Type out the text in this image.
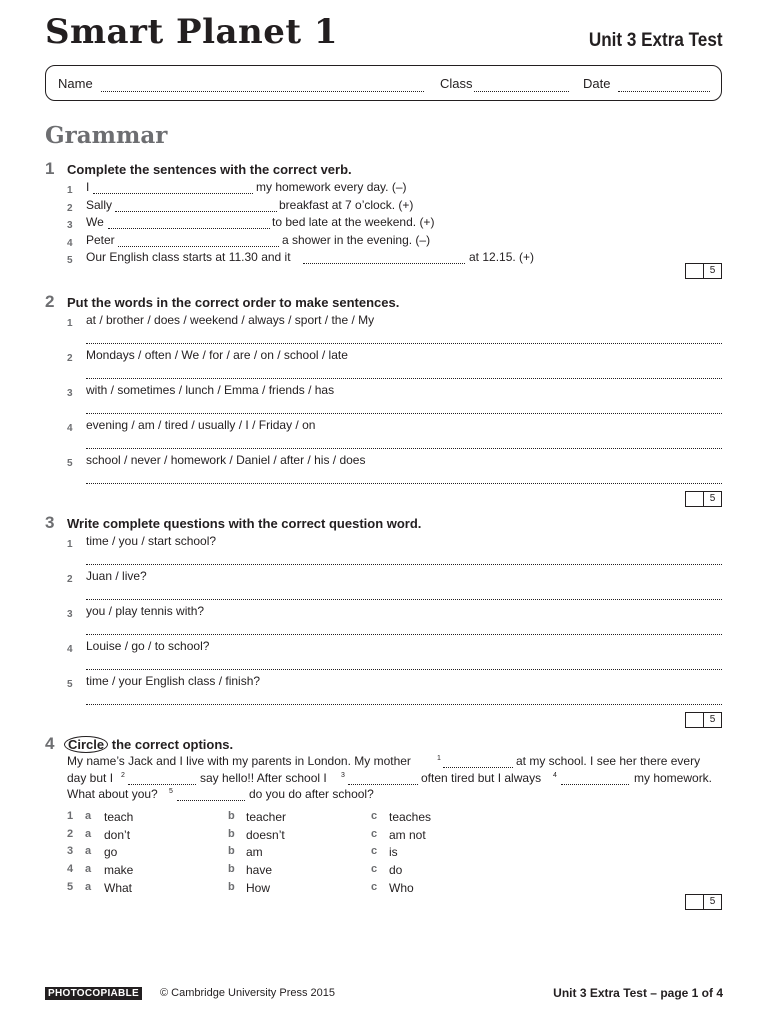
Smart Planet 1	Unit 3 Extra Test
Name	Class	Date
Grammar
1 Complete the sentences with the correct verb.
1 I	my homework every day. (–)
2 Sally	breakfast at 7 o’clock. (+)
3 We	to bed late at the weekend. (+)
4 Peter	a shower in the evening. (–)
5 Our English class starts at 11.30 and it	at 12.15. (+)
5
2 Put the words in the correct order to make sentences.
1 at / brother / does / weekend / always / sport / the / My
2 Mondays / often / We / for / are / on / school / late
3 with / sometimes / lunch / Emma / friends / has
4 evening / am / tired / usually / I / Friday / on
5 school / never / homework / Daniel / after / his / does
5
3 Write complete questions with the correct question word.
1 time / you / start school?
2 Juan / live?
3 you / play tennis with?
4 Louise / go / to school?
5 time / your English class / finish?
5
4 Circle the correct options.
My name’s Jack and I live with my parents in London. My mother	1	at my school. I see her there every
day but I 2	say hello!! After school I 3	often tired but I always 4	my homework.
What about you? 5	do you do after school?
1 a teach	b teacher	c teaches
2 a don’t	b doesn’t	c am not
3 a go	b am	c is
4 a make	b have	c do
5 a What	b How	c Who
5
PHOTOCOPIABLE © Cambridge University Press 2015	Unit 3 Extra Test – page 1 of 4
